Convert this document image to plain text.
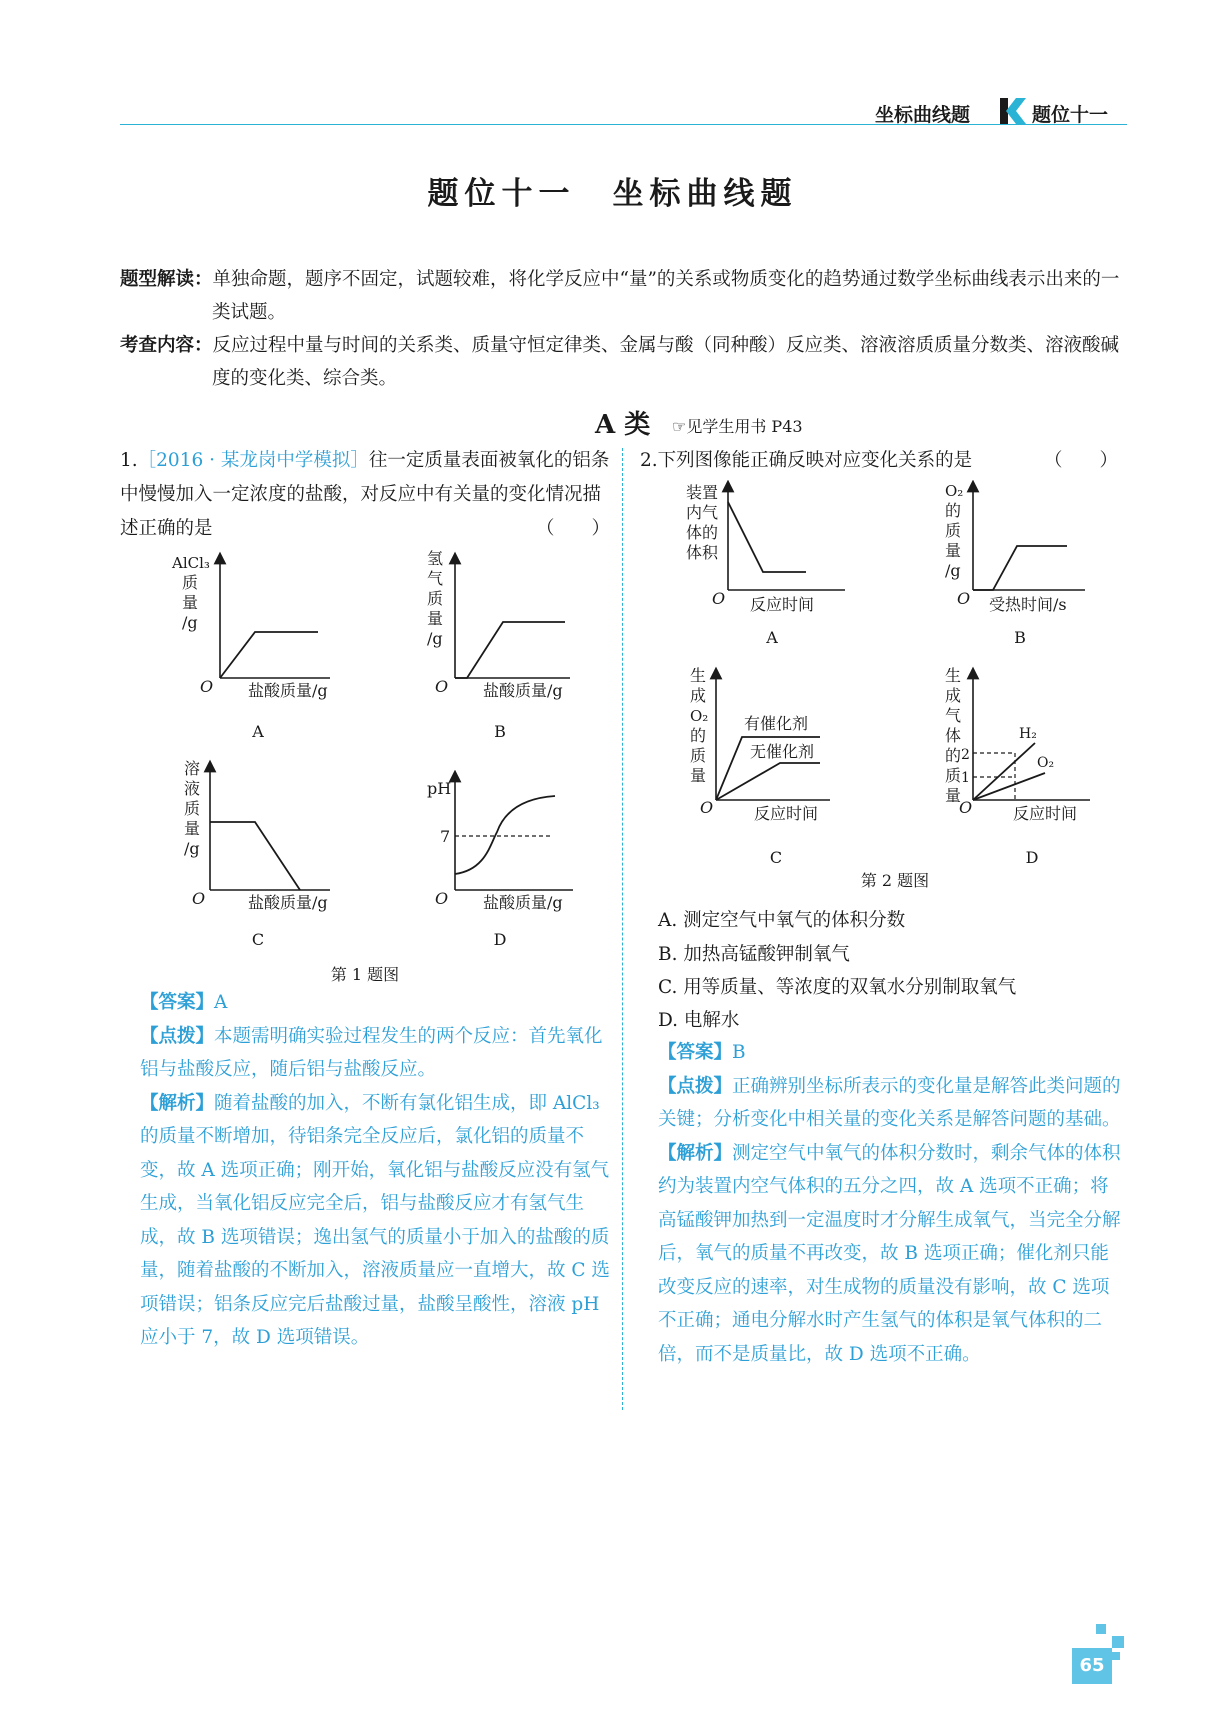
坐标曲线题	题位十一
题位十一　坐标曲线题
题型解读：单独命题，题序不固定，试题较难，将化学反应中“量”的关系或物质变化的趋势通过数学坐标曲线表示出来的一类试题。
考查内容：反应过程中量与时间的关系类、质量守恒定律类、金属与酸（同种酸）反应类、溶液溶质质量分数类、溶液酸碱度的变化类、综合类。
A 类 ☞见学生用书 P43
1.［2016 · 某龙岗中学模拟］往一定质量表面被氧化的铝条中慢慢加入一定浓度的盐酸，对反应中有关量的变化情况描述正确的是	（　　）
AlCl₃
质
量
/g
O 盐酸质量/g
A
氢
气
质
量
/g
O 盐酸质量/g
B
溶
液
质
量
/g
O	盐酸质量/g
C
pH
7
O 盐酸质量/g
D
第 1 题图
【答案】A
【点拨】本题需明确实验过程发生的两个反应：首先氧化铝与盐酸反应，随后铝与盐酸反应。
【解析】随着盐酸的加入，不断有氯化铝生成，即 AlCl₃ 的质量不断增加，待铝条完全反应后，氯化铝的质量不变，故 A 选项正确；刚开始，氧化铝与盐酸反应没有氢气生成，当氧化铝反应完全后，铝与盐酸反应才有氢气生成，故 B 选项错误；逸出氢气的质量小于加入的盐酸的质量，随着盐酸的不断加入，溶液质量应一直增大，故 C 选项错误；铝条反应完后盐酸过量，盐酸呈酸性，溶液 pH 应小于 7，故 D 选项错误。
2.下列图像能正确反映对应变化关系的是	（　　）
装置
内气
体的
体积
O 反应时间
A
O₂
的
质
量
/g
O 受热时间/s
B
生
成
O₂
的
质
量
有催化剂
无催化剂
O	反应时间
C
生
成
气
体
的
质
量
2
1
H₂
O₂
O	反应时间
D
第 2 题图
A. 测定空气中氧气的体积分数
B. 加热高锰酸钾制氧气
C. 用等质量、等浓度的双氧水分别制取氧气
D. 电解水
【答案】B
【点拨】正确辨别坐标所表示的变化量是解答此类问题的关键；分析变化中相关量的变化关系是解答问题的基础。
【解析】测定空气中氧气的体积分数时，剩余气体的体积约为装置内空气体积的五分之四，故 A 选项不正确；将高锰酸钾加热到一定温度时才分解生成氧气，当完全分解后，氧气的质量不再改变，故 B 选项正确；催化剂只能改变反应的速率，对生成物的质量没有影响，故 C 选项不正确；通电分解水时产生氢气的体积是氧气体积的二倍，而不是质量比，故 D 选项不正确。
65
